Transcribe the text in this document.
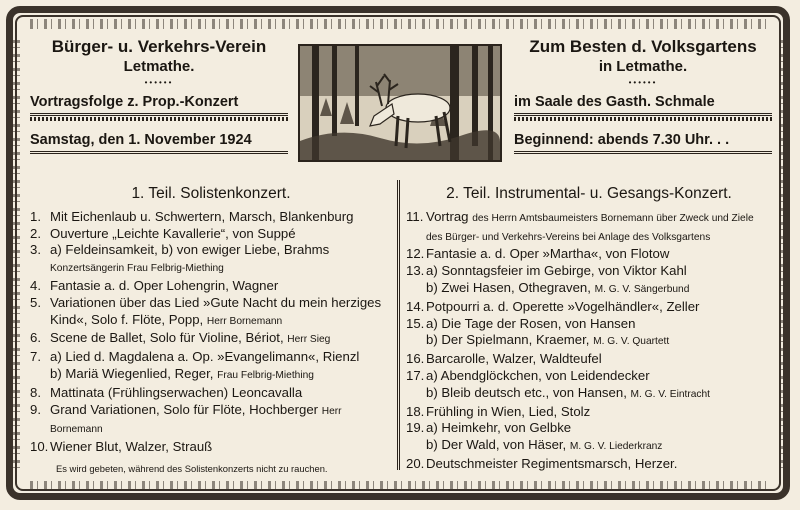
Bürger- u. Verkehrs-Verein
Letmathe.
••••••
Vortragsfolge z. Prop.-Konzert
Samstag, den 1. November 1924
Zum Besten d. Volksgartens
in Letmathe.
••••••
im Saale des Gasth. Schmale
Beginnend: abends 7.30 Uhr. . .
1. Teil. Solistenkonzert.
1. Mit Eichenlaub u. Schwertern, Marsch, Blankenburg
2. Ouverture „Leichte Kavallerie“, von Suppé
3. a) Feldeinsamkeit, b) von ewiger Liebe, Brahms Konzertsängerin Frau Felbrig-Miething
4. Fantasie a. d. Oper Lohengrin, Wagner
5. Variationen über das Lied »Gute Nacht du mein herziges Kind«, Solo f. Flöte, Popp, Herr Bornemann
6. Scene de Ballet, Solo für Violine, Bériot, Herr Sieg
7. a) Lied d. Magdalena a. Op. »Evangelimann«, Rienzl
b) Mariä Wiegenlied, Reger, Frau Felbrig-Miething
8. Mattinata (Frühlingserwachen) Leoncavalla
9. Grand Variationen, Solo für Flöte, Hochberger Herr Bornemann
10. Wiener Blut, Walzer, Strauß
Es wird gebeten, während des Solistenkonzerts nicht zu rauchen.
2. Teil. Instrumental- u. Gesangs-Konzert.
11. Vortrag des Herrn Amtsbaumeisters Bornemann über Zweck und Ziele des Bürger- und Verkehrs-Vereins bei Anlage des Volksgartens
12. Fantasie a. d. Oper »Martha«, von Flotow
13. a) Sonntagsfeier im Gebirge, von Viktor Kahl
b) Zwei Hasen, Othegraven, M. G. V. Sängerbund
14. Potpourri a. d. Operette »Vogelhändler«, Zeller
15. a) Die Tage der Rosen, von Hansen
b) Der Spielmann, Kraemer, M. G. V. Quartett
16. Barcarolle, Walzer, Waldteufel
17. a) Abendglöckchen, von Leidendecker
b) Bleib deutsch etc., von Hansen, M. G. V. Eintracht
18. Frühling in Wien, Lied, Stolz
19. a) Heimkehr, von Gelbke
b) Der Wald, von Häser, M. G. V. Liederkranz
20. Deutschmeister Regimentsmarsch, Herzer.
